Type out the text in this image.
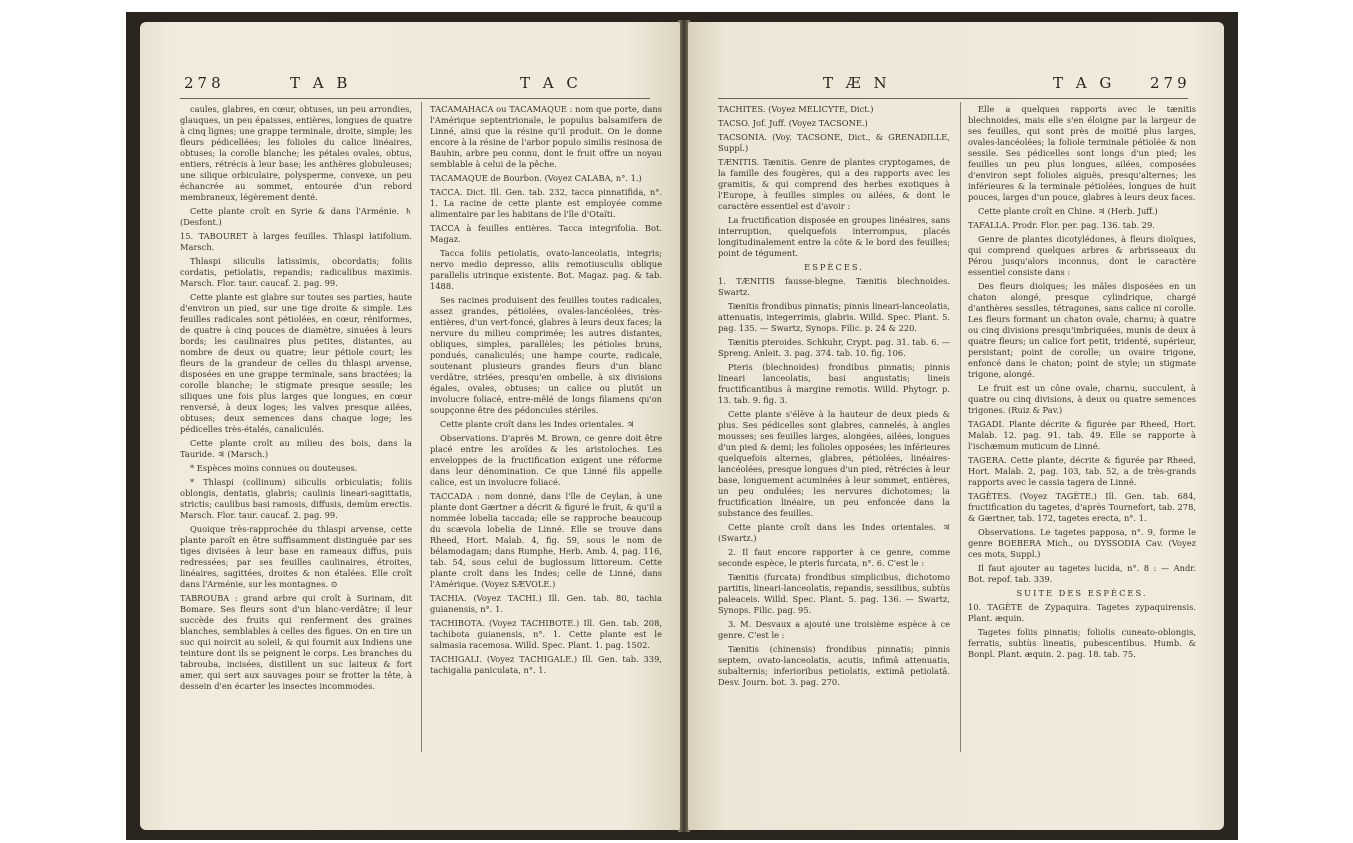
278	T A B	T A C

caules, glabres, en cœur, obtuses, un peu arrondies, glauques, un peu épaisses, entières, longues de quatre à cinq lignes; une grappe terminale, droite, simple; les fleurs pédicellées; les folioles du calice linéaires, obtuses; la corolle blanche; les pétales ovales, obtus, entiers, rétrécis à leur base; les anthères globuleuses; une silique orbiculaire, polysperme, convexe, un peu échancrée au sommet, entourée d'un rebord membraneux, légèrement denté.

Cette plante croît en Syrie & dans l'Arménie. ♄ (Desfont.)

15. TABOURET à larges feuilles. Thlaspi latifolium. Marsch.

Thlaspi siliculis latissimis, obcordatis; foliis cordatis, petiolatis, repandis; radicalibus maximis. Marsch. Flor. taur. caucaf. 2. pag. 99.

Cette plante est glabre sur toutes ses parties, haute d'environ un pied, sur une tige droite & simple. Les feuilles radicales sont pétiolées, en cœur, réniformes, de quatre à cinq pouces de diamètre, sinuées à leurs bords; les caulinaires plus petites, distantes, au nombre de deux ou quatre; leur pétiole court; les fleurs de la grandeur de celles du thlaspi arvense, disposées en une grappe terminale, sans bractées; la corolle blanche; le stigmate presque sessile; les siliques une fois plus larges que longues, en cœur renversé, à deux loges; les valves presque ailées, obtuses; deux semences dans chaque loge; les pédicelles très-étalés, canaliculés.

Cette plante croît au milieu des bois, dans la Tauride. ♃ (Marsch.)

* Espèces moins connues ou douteuses.

* Thlaspi (collinum) siliculis orbiculatis; foliis oblongis, dentatis, glabris; caulinis lineari-sagittatis, strictis; caulibus basi ramosis, diffusis, demùm erectis. Marsch. Flor. taur. caucaf. 2. pag. 99.

Quoique très-rapprochée du thlaspi arvense, cette plante paroît en être suffisamment distinguée par ses tiges divisées à leur base en rameaux diffus, puis redressées; par ses feuilles caulinaires, étroites, linéaires, sagittées, droites & non étalées. Elle croît dans l'Arménie, sur les montagnes. ⊙

TABROUBA : grand arbre qui croît à Surinam, dit Bomare. Ses fleurs sont d'un blanc-verdâtre; il leur succède des fruits qui renferment des graines blanches, semblables à celles des figues. On en tire un suc qui noircit au soleil, & qui fournit aux Indiens une teinture dont ils se peignent le corps. Les branches du tabrouba, incisées, distillent un suc laiteux & fort amer, qui sert aux sauvages pour se frotter la tête, à dessein d'en écarter les insectes incommodes.

TACAMAHACA ou TACAMAQUE : nom que porte, dans l'Amérique septentrionale, le populus balsamifera de Linné, ainsi que la résine qu'il produit. On le donne encore à la résine de l'arbor populo similis resinosa de Bauhin, arbre peu connu, dont le fruit offre un noyau semblable à celui de la pêche.

TACAMAQUE de Bourbon. (Voyez CALABA, n°. 1.)

TACCA. Dict. Ill. Gen. tab. 232, tacca pinnatifida, n°. 1. La racine de cette plante est employée comme alimentaire par les habitans de l'île d'Otaïti.

TACCA à feuilles entières. Tacca integrifolia. Bot. Magaz.

Tacca foliis petiolatis, ovato-lanceolatis, integris; nervo medio depresso, aliis remotiusculis oblique parallelis utrinque existente. Bot. Magaz. pag. & tab. 1488.

Ses racines produisent des feuilles toutes radicales, assez grandes, pétiolées, ovales-lancéolées, très-entières, d'un vert-foncé, glabres à leurs deux faces; la nervure du milieu comprimée; les autres distantes, obliques, simples, parallèles; les pétioles bruns, pondués, canaliculés; une hampe courte, radicale, soutenant plusieurs grandes fleurs d'un blanc verdâtre, striées, presqu'en ombelle, à six divisions égales, ovales, obtuses; un calice ou plutôt un involucre foliacé, entre-mêlé de longs filamens qu'on soupçonne être des pédoncules stériles.

Cette plante croît dans les Indes orientales. ♃

Observations. D'après M. Brown, ce genre doit être placé entre les aroïdes & les aristoloches. Les enveloppes de la fructification exigent une réforme dans leur dénomination. Ce que Linné fils appelle calice, est un involucre foliacé.

TACCADA : nom donné, dans l'île de Ceylan, à une plante dont Gærtner a décrit & figuré le fruit, & qu'il a nommée lobelia taccada; elle se rapproche beaucoup du scævola lobelia de Linné. Elle se trouve dans Rheed, Hort. Malab. 4, fig. 59, sous le nom de bélamodagam; dans Rumphe, Herb. Amb. 4, pag. 116, tab. 54, sous celui de buglossum littoreum. Cette plante croît dans les Indes; celle de Linné, dans l'Amérique. (Voyez SÆVOLE.)

TACHIA. (Voyez TACHI.) Ill. Gen. tab. 80, tachia guianensis, n°. 1.

TACHIBOTA. (Voyez TACHIBOTE.) Ill. Gen. tab. 208, tachibota guianensis, n°. 1. Cette plante est le salmasia racemosa. Willd. Spec. Plant. 1. pag. 1502.

TACHIGALI. (Voyez TACHIGALE.) Ill. Gen. tab. 339, tachigalia paniculata, n°. 1.

T Æ N	T A G 279

TACHITES. (Voyez MELICYTE, Dict.)

TACSO. Jof. Juff. (Voyez TACSONE.)

TACSONIA. (Voy. TACSONE, Dict., & GRENADILLE, Suppl.)

TÆNITIS. Tænitis. Genre de plantes cryptogames, de la famille des fougères, qui a des rapports avec les gramitis, & qui comprend des herbes exotiques à l'Europe, à feuilles simples ou ailées, & dont le caractère essentiel est d'avoir :

La fructification disposée en groupes linéaires, sans interruption, quelquefois interrompus, placés longitudinalement entre la côte & le bord des feuilles; point de tégument.

ESPÈCES.

1. TÆNITIS fausse-blegne. Tænitis blechnoides. Swartz.

Tænitis frondibus pinnatis; pinnis lineari-lanceolatis, attenuatis, integerrimis, glabris. Willd. Spec. Plant. 5. pag. 135. — Swartz, Synops. Filic. p. 24 & 220.

Tænitis pteroides. Schkuhr, Crypt. pag. 31. tab. 6. — Spreng. Anleit. 3. pag. 374. tab. 10. fig. 106.

Pteris (blechnoides) frondibus pinnatis; pinnis lineari lanceolatis, basi angustatis; lineis fructificantibus à margine remotis. Willd. Phytogr. p. 13. tab. 9. fig. 3.

Cette plante s'élève à la hauteur de deux pieds & plus. Ses pédicelles sont glabres, cannelés, à angles mousses; ses feuilles larges, alongées, ailées, longues d'un pied & demi; les folioles opposées; les inférieures quelquefois alternes, glabres, pétiolées, linéaires-lancéolées, presque longues d'un pied, rétrécies à leur base, longuement acuminées à leur sommet, entières, un peu ondulées; les nervures dichotomes; la fructification linéaire, un peu enfoncée dans la substance des feuilles.

Cette plante croît dans les Indes orientales. ♃ (Swartz.)

2. Il faut encore rapporter à ce genre, comme seconde espèce, le pteris furcata, n°. 6. C'est le :

Tænitis (furcata) frondibus simplicibus, dichotomo partitis, lineari-lanceolatis, repandis, sessilibus, subtùs paleaceis. Willd. Spec. Plant. 5. pag. 136. — Swartz, Synops. Filic. pag. 95.

3. M. Desvaux a ajouté une troisième espèce à ce genre. C'est le :

Tænitis (chinensis) frondibus pinnatis; pinnis septem, ovato-lanceolatis, acutis, infimâ attenuatis, subalternis; inferioribus petiolatis, extimâ petiolatâ. Desv. Journ. bot. 3. pag. 270.

Elle a quelques rapports avec le tænitis blechnoides, mais elle s'en éloigne par la largeur de ses feuilles, qui sont près de moitié plus larges, ovales-lancéolées; la foliole terminale pétiolée & non sessile. Ses pédicelles sont longs d'un pied; les feuilles un peu plus longues, ailées, composées d'environ sept folioles aiguës, presqu'alternes; les inférieures & la terminale pétiolées, longues de huit pouces, larges d'un pouce, glabres à leurs deux faces.

Cette plante croît en Chine. ♃ (Herb. Juff.)

TAFALLA. Prodr. Flor. per. pag. 136. tab. 29.

Genre de plantes dicotylédones, à fleurs dioïques, qui comprend quelques arbres & arbrisseaux du Pérou jusqu'alors inconnus, dont le caractère essentiel consiste dans :

Des fleurs dioïques; les mâles disposées en un chaton alongé, presque cylindrique, chargé d'anthères sessiles, tétragones, sans calice ni corolle. Les fleurs formant un chaton ovale, charnu; à quatre ou cinq divisions presqu'imbriquées, munis de deux à quatre fleurs; un calice fort petit, tridenté, supérieur, persistant; point de corolle; un ovaire trigone, enfoncé dans le chaton; point de style; un stigmate trigone, alongé.

Le fruit est un cône ovale, charnu, succulent, à quatre ou cinq divisions, à deux ou quatre semences trigones. (Ruiz & Pav.)

TAGADI. Plante décrite & figurée par Rheed, Hort. Malab. 12. pag. 91. tab. 49. Elle se rapporte à l'ischæmum muticum de Linné.

TAGERA. Cette plante, décrite & figurée par Rheed, Hort. Malab. 2, pag. 103, tab. 52, a de très-grands rapports avec le cassia tagera de Linné.

TAGÈTES. (Voyez TAGÈTE.) Ill. Gen. tab. 684, fructification du tagetes, d'après Tournefort, tab. 278, & Gærtner, tab. 172, tagetes erecta, n°. 1.

Observations. Le tagetes papposa, n°. 9, forme le genre BOEBERA Mich., ou DYSSODIA Cav. (Voyez ces mots, Suppl.)

Il faut ajouter au tagetes lucida, n°. 8 : — Andr. Bot. repof. tab. 339.

SUITE DES ESPÈCES.

10. TAGÈTE de Zypaquira. Tagetes zypaquirensis. Plant. æquin.

Tagetes foliis pinnatis; foliolis cuneato-oblongis, ferratis, subtùs lineatis, pubescentibus. Humb. & Bonpl. Plant. æquin. 2. pag. 18. tab. 75.
